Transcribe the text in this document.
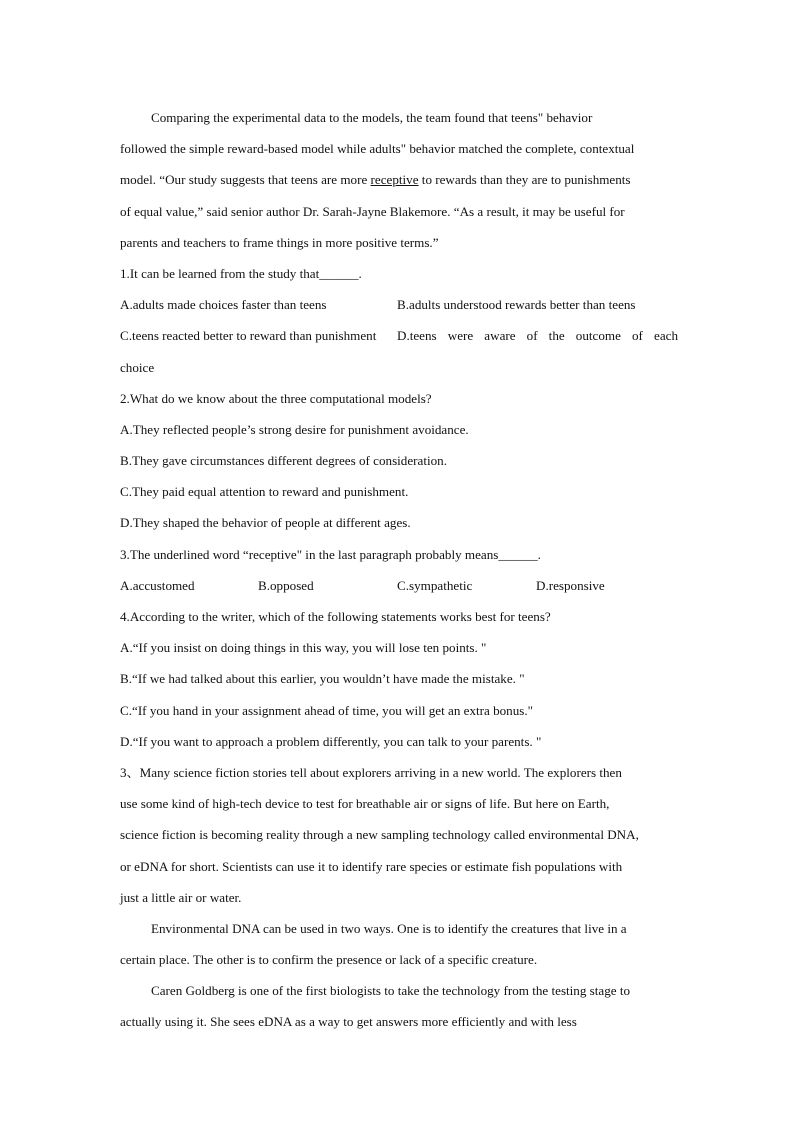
Comparing the experimental data to the models, the team found that teens" behavior
followed the simple reward-based model while adults" behavior matched the complete, contextual
model. “Our study suggests that teens are more receptive to rewards than they are to punishments
of equal value,” said senior author Dr. Sarah-Jayne Blakemore. “As a result, it may be useful for
parents and teachers to frame things in more positive terms.”
1.It can be learned from the study that______.
A.adults made choices faster than teens	B.adults understood rewards better than teens
C.teens reacted better to reward than punishment	D.teens were aware of the outcome of each
choice
2.What do we know about the three computational models?
A.They reflected people’s strong desire for punishment avoidance.
B.They gave circumstances different degrees of consideration.
C.They paid equal attention to reward and punishment.
D.They shaped the behavior of people at different ages.
3.The underlined word “receptive" in the last paragraph probably means______.
A.accustomed	B.opposed	C.sympathetic	D.responsive
4.According to the writer, which of the following statements works best for teens?
A.“If you insist on doing things in this way, you will lose ten points. "
B.“If we had talked about this earlier, you wouldn’t have made the mistake. "
C.“If you hand in your assignment ahead of time, you will get an extra bonus."
D.“If you want to approach a problem differently, you can talk to your parents. "
3、Many science fiction stories tell about explorers arriving in a new world. The explorers then
use some kind of high-tech device to test for breathable air or signs of life. But here on Earth,
science fiction is becoming reality through a new sampling technology called environmental DNA,
or eDNA for short. Scientists can use it to identify rare species or estimate fish populations with
just a little air or water.
Environmental DNA can be used in two ways. One is to identify the creatures that live in a
certain place. The other is to confirm the presence or lack of a specific creature.
Caren Goldberg is one of the first biologists to take the technology from the testing stage to
actually using it. She sees eDNA as a way to get answers more efficiently and with less
